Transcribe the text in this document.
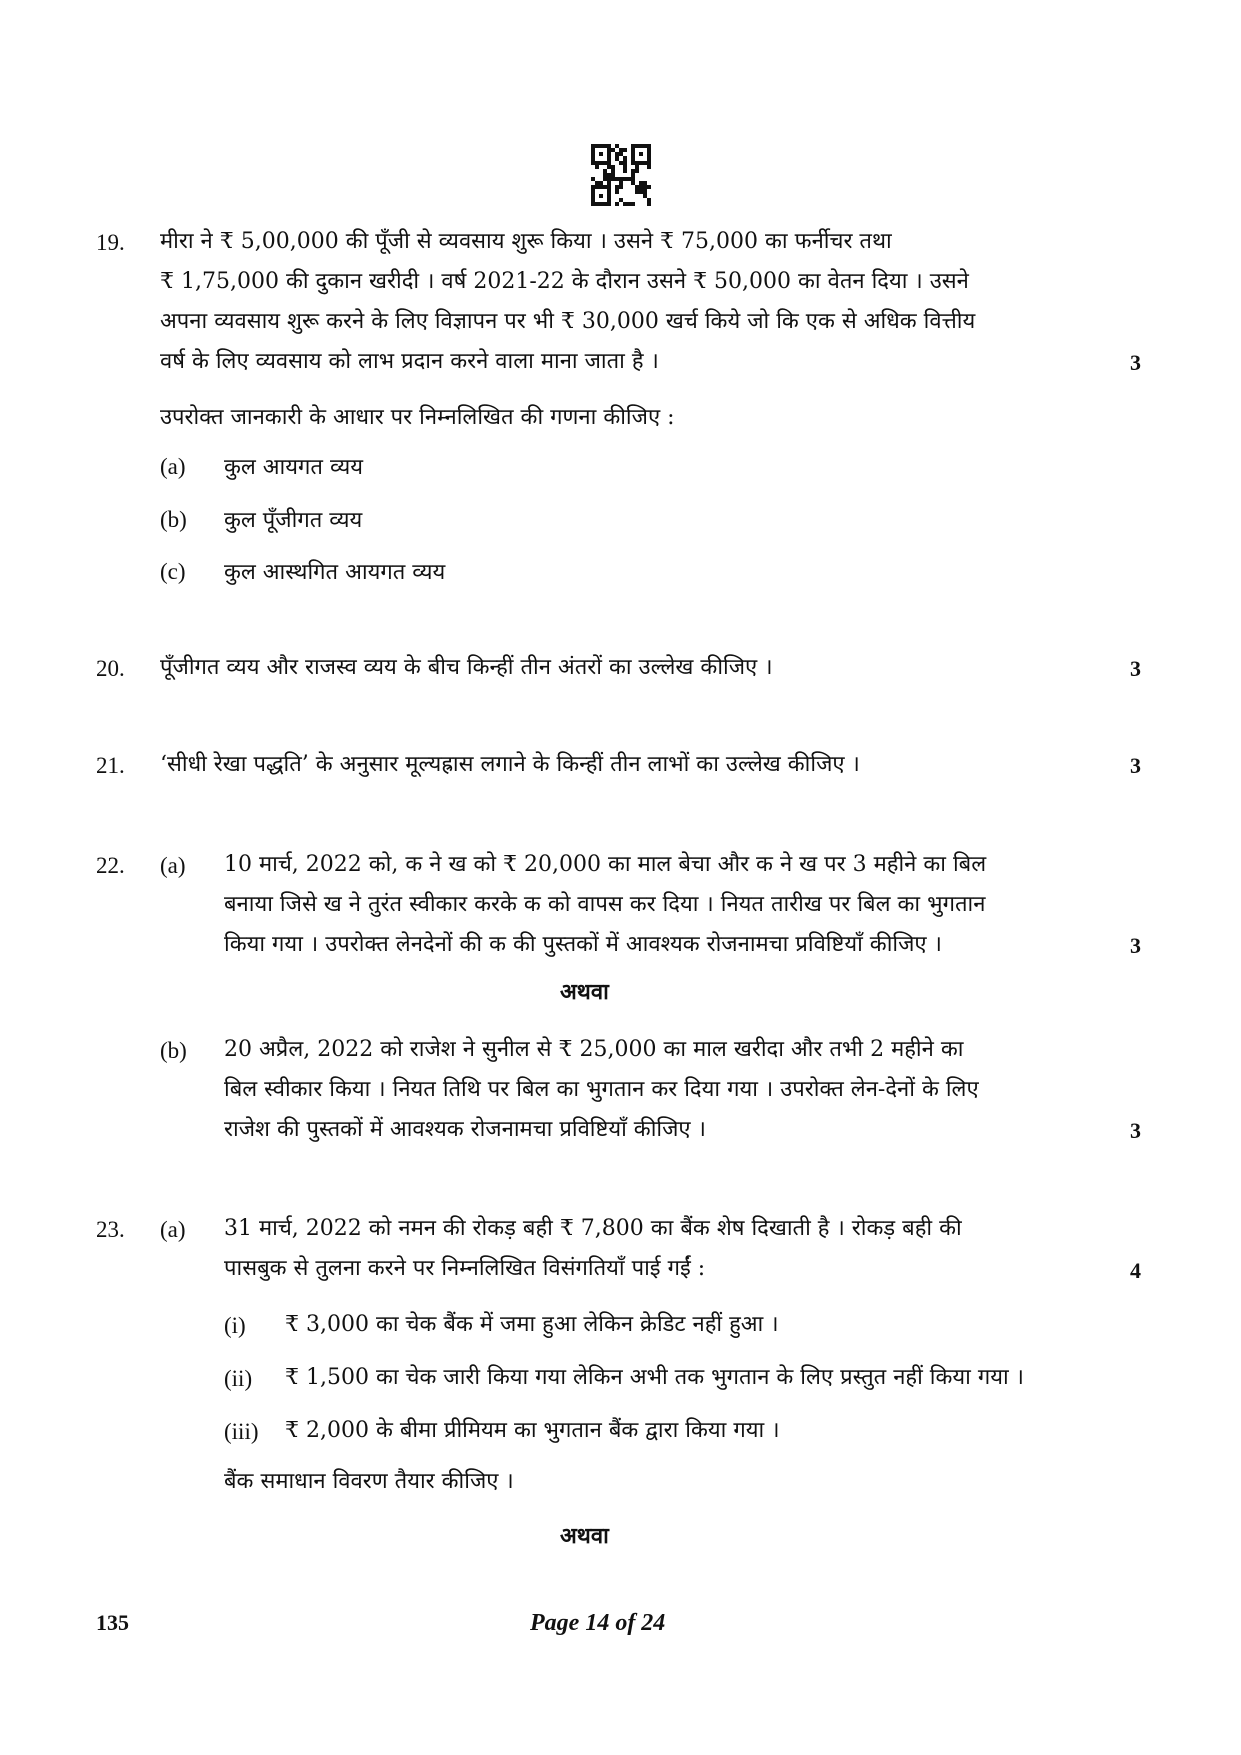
19. मीरा ने ₹ 5,00,000 की पूँजी से व्यवसाय शुरू किया । उसने ₹ 75,000 का फर्नीचर तथा
₹ 1,75,000 की दुकान खरीदी । वर्ष 2021-22 के दौरान उसने ₹ 50,000 का वेतन दिया । उसने
अपना व्यवसाय शुरू करने के लिए विज्ञापन पर भी ₹ 30,000 खर्च किये जो कि एक से अधिक वित्तीय
वर्ष के लिए व्यवसाय को लाभ प्रदान करने वाला माना जाता है ।	3
उपरोक्त जानकारी के आधार पर निम्नलिखित की गणना कीजिए :
(a) कुल आयगत व्यय
(b) कुल पूँजीगत व्यय
(c) कुल आस्थगित आयगत व्यय
20. पूँजीगत व्यय और राजस्व व्यय के बीच किन्हीं तीन अंतरों का उल्लेख कीजिए ।	3
21. ‘सीधी रेखा पद्धति’ के अनुसार मूल्यह्रास लगाने के किन्हीं तीन लाभों का उल्लेख कीजिए ।	3
22. (a) 10 मार्च, 2022 को, क ने ख को ₹ 20,000 का माल बेचा और क ने ख पर 3 महीने का बिल
बनाया जिसे ख ने तुरंत स्वीकार करके क को वापस कर दिया । नियत तारीख पर बिल का भुगतान
किया गया । उपरोक्त लेनदेनों की क की पुस्तकों में आवश्यक रोजनामचा प्रविष्टियाँ कीजिए ।	3
अथवा
(b) 20 अप्रैल, 2022 को राजेश ने सुनील से ₹ 25,000 का माल खरीदा और तभी 2 महीने का
बिल स्वीकार किया । नियत तिथि पर बिल का भुगतान कर दिया गया । उपरोक्त लेन-देनों के लिए
राजेश की पुस्तकों में आवश्यक रोजनामचा प्रविष्टियाँ कीजिए ।	3
23. (a) 31 मार्च, 2022 को नमन की रोकड़ बही ₹ 7,800 का बैंक शेष दिखाती है । रोकड़ बही की
पासबुक से तुलना करने पर निम्नलिखित विसंगतियाँ पाई गईं :	4
(i) ₹ 3,000 का चेक बैंक में जमा हुआ लेकिन क्रेडिट नहीं हुआ ।
(ii) ₹ 1,500 का चेक जारी किया गया लेकिन अभी तक भुगतान के लिए प्रस्तुत नहीं किया गया ।
(iii) ₹ 2,000 के बीमा प्रीमियम का भुगतान बैंक द्वारा किया गया ।
बैंक समाधान विवरण तैयार कीजिए ।
अथवा
135	Page 14 of 24
